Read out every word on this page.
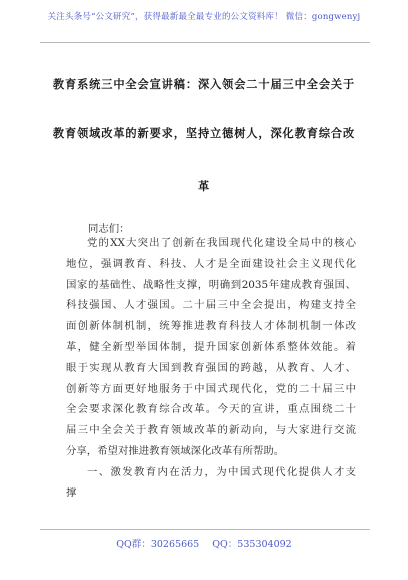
关注头条号“公文研究”，获得最新最全最专业的公文资料库！ 微信：gongwenyj
教育系统三中全会宣讲稿：深入领会二十届三中全会关于
教育领域改革的新要求，坚持立德树人，深化教育综合改
革
同志们：
党的XX大突出了创新在我国现代化建设全局中的核心
地位，强调教育、科技、人才是全面建设社会主义现代化
国家的基础性、战略性支撑，明确到2035年建成教育强国、
科技强国、人才强国。二十届三中全会提出，构建支持全
面创新体制机制，统筹推进教育科技人才体制机制一体改
革，健全新型举国体制，提升国家创新体系整体效能。着
眼于实现从教育大国到教育强国的跨越，从教育、人才、
创新等方面更好地服务于中国式现代化，党的二十届三中
全会要求深化教育综合改革。今天的宣讲，重点围绕二十
届三中全会关于教育领域改革的新动向，与大家进行交流
分享，希望对推进教育领域深化改革有所帮助。
一、激发教育内在活力，为中国式现代化提供人才支
撑
QQ群：30265665 QQ：535304092
